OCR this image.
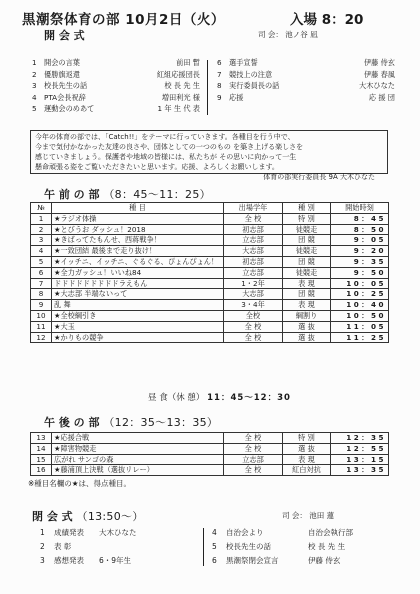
黒潮祭体育の部 10月2日（火）	入場 8：20
開 会 式	司 会： 池ノ谷 凪
1 開会の言葉	前田 暫
2 優勝旗返還	紅組応援団長
3 校長先生の話	校 長 先 生
4 PTA会長祝辞	増田利光 様
5 運動会のめあて	1 年 生 代 表
6 選手宣誓	伊藤 侍玄
7 競技上の注意	伊藤 春風
8 実行委員長の話	大木ひなた
9 応援	応 援 団

今年の体育の部では、「Catch!!」をテーマに行っていきます。各種目を行う中で、

今まで気付かなかった友達の良さや、団体としての一つのもの を築き上げる楽しさを

感じていきましょう。保護者や地域の皆様には、私たちが その思いに向かって一生

懸命頑張る姿をご覧いただきたいと思います。応援、よろしくお願いします。

体育の部実行委員長 9A 大木ひなた

午 前 の 部 （8：45〜11：25）
№	種 目	出場学年	種 別	開始時刻
1	★ラジオ体操	全 校	特 別	8：45
2	★とびうお ダッシュ！2018	初志部	徒競走	8：50
3	★きばってたもんせ、西蒋戦争！	立志部	団 競	9：05
4	★一致団結 最後まで走り抜け！	大志部	徒競走	9：20
5	★イッチニ、イッチニ、ぐるぐる、ぴょんぴょん！	初志部	団 競	9：35
6	★全力ガッシュ！いいね84	立志部	徒競走	9：50
7	ドドドドドドドドドラえもん	1・2年	表 現	10：05
8	★大志部 半端ないって	大志部	団 競	10：25
9	乱 舞	3・4年	表 現	10：40
10	★全校綱引き	全校	綱割り	10：50
11	★大玉	全 校	選 抜	11：05
12	★かりもの競争	全 校	選 抜	11：25
昼 食（休 憩） 11：45〜12：30
午 後 の 部 （12：35〜13：35）
13	★応援合戦	全 校	特 別	12：35
14	★障害物競走	全 校	選 抜	12：55
15	広がれ サンゴの森	立志部	表 現	13：15
16	★藤浦頂上決戦（選抜リレー）	全 校	紅白対抗	13：35
※種目名欄の★は、得点種目。
閉 会 式 （13:50〜）	司 会： 池田 蓮
1 成績発表　　 大木ひなた
2 表 彰　　
3 感想発表　　 6・9年生
4 自治会より	自治会執行部
5 校長先生の話	校 長 先 生
6 黒潮祭閉会宣言	伊藤 侍玄
